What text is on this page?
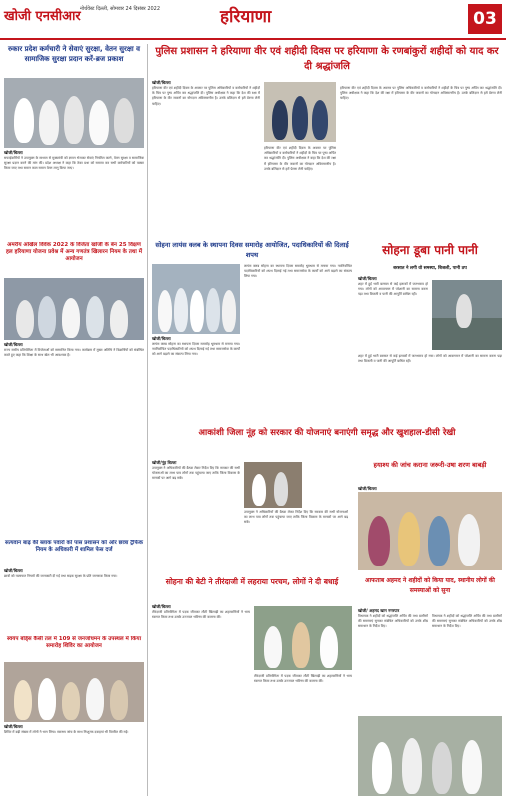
खोजी एनसीआर नोर्थवेस्ट दिल्ली, सोमवार 24 दिसंबर 2022	हरियाणा	03
रुकार प्रदेश कर्मचारी ने सेवाएं सुरक्षा, वेतन सुरक्षा व सामाजिक सुरक्षा प्रदान करें-ब्रज प्रकाश
खोजी/बिल्ला
सफाईकर्मियों ने उपायुक्त के माध्यम से मुख्यमंत्री को ज्ञापन भेजकर सेवाएं नियमित करने, वेतन सुरक्षा व सामाजिक सुरक्षा प्रदान करने की मांग की। प्रदेश अध्यक्ष ने कहा कि ठेका प्रथा को समाप्त कर सभी कर्मचारियों को पक्का किया जाए तथा समान काम समान वेतन लागू किया जाए।
अमरीय अखिल विवेक 2022 के विजेता खोजी के बेन 25 विक्षण हल हरियाणा योजना प्रवेश्न में अन्य गणतंत्र खिलारन नियम के तथा में आयोजन
खोजी/बिल्ला
राज्य स्तरीय प्रतियोगिता में विजेताओं को सम्मानित किया गया। कार्यक्रम में मुख्य अतिथि ने विद्यार्थियों को संबोधित करते हुए कहा कि शिक्षा के साथ खेल भी आवश्यक है।
सत्यवान बाढ़ की ब्लाक पवारों को पास प्रशासन को ओर छात्रा ट्रैफिक नियम के अधिकारी में शामिल फेस दर्ज
खोजी/बिल्ला
छात्रों को यातायात नियमों की जानकारी दी गई तथा सड़क सुरक्षा के प्रति जागरूक किया गया।
स्वयंप बोर्ड्स कैसी तल में 109 से जनजाँधमन के उपस्थल में किया समारोह शिविर का आयोजन
खोजी/बिल्ला
शिविर में बड़ी संख्या में लोगों ने भाग लिया। स्वास्थ्य जांच के साथ निःशुल्क दवाइयां भी वितरित की गईं।
पुलिस प्रशासन ने हरियाणा वीर एवं शहीदी दिवस पर हरियाणा के रणबांकुरों शहीदों को याद कर दी श्रद्धांजलि
खोजी/बिल्ला
हरियाणा वीर एवं शहीदी दिवस के अवसर पर पुलिस अधिकारियों व कर्मचारियों ने शहीदों के चित्र पर पुष्प अर्पित कर श्रद्धांजलि दी। पुलिस अधीक्षक ने कहा कि देश की रक्षा में हरियाणा के वीर जवानों का योगदान अविस्मरणीय है। उनके बलिदान से हमें प्रेरणा लेनी चाहिए।
हरियाणा वीर एवं शहीदी दिवस के अवसर पर पुलिस अधिकारियों व कर्मचारियों ने शहीदों के चित्र पर पुष्प अर्पित कर श्रद्धांजलि दी। पुलिस अधीक्षक ने कहा कि देश की रक्षा में हरियाणा के वीर जवानों का योगदान अविस्मरणीय है। उनके बलिदान से हमें प्रेरणा लेनी चाहिए।
हरियाणा वीर एवं शहीदी दिवस के अवसर पर पुलिस अधिकारियों व कर्मचारियों ने शहीदों के चित्र पर पुष्प अर्पित कर श्रद्धांजलि दी। पुलिस अधीक्षक ने कहा कि देश की रक्षा में हरियाणा के वीर जवानों का योगदान अविस्मरणीय है। उनके बलिदान से हमें प्रेरणा लेनी चाहिए।
सोहना लायंस क्लब के स्थापना दिवस समारोह आयोजित, पदाधिकारियों की दिलाई शपथ
खोजी/बिल्ला
लायंस क्लब सोहना का स्थापना दिवस समारोह धूमधाम से मनाया गया। नवनिर्वाचित पदाधिकारियों को शपथ दिलाई गई तथा समाजसेवा के कार्यों को आगे बढ़ाने का संकल्प लिया गया।
लायंस क्लब सोहना का स्थापना दिवस समारोह धूमधाम से मनाया गया। नवनिर्वाचित पदाधिकारियों को शपथ दिलाई गई तथा समाजसेवा के कार्यों को आगे बढ़ाने का संकल्प लिया गया।
सोहना डूबा पानी पानी
बरसात ने लगी वो समस्या, बिजली, पानी ठप
खोजी/बिल्ला
शहर में हुई भारी बरसात से कई इलाकों में जलभराव हो गया। लोगों को आवागमन में परेशानी का सामना करना पड़ा तथा बिजली व पानी की आपूर्ति बाधित रही।
शहर में हुई भारी बरसात से कई इलाकों में जलभराव हो गया। लोगों को आवागमन में परेशानी का सामना करना पड़ा तथा बिजली व पानी की आपूर्ति बाधित रही।
आकांशी जिला नूंह को सरकार की योजनाएं बनाएंगी समृद्ध और खुशहाल-डीसी रेखी
खोजी/नूंह बिल्ला
उपायुक्त ने अधिकारियों की बैठक लेकर निर्देश दिए कि सरकार की सभी योजनाओं का लाभ पात्र लोगों तक पहुंचाया जाए ताकि जिला विकास के मानकों पर आगे बढ़ सके।
उपायुक्त ने अधिकारियों की बैठक लेकर निर्देश दिए कि सरकार की सभी योजनाओं का लाभ पात्र लोगों तक पहुंचाया जाए ताकि जिला विकास के मानकों पर आगे बढ़ सके।
हयाश्य की जांच कराना जरूरी-उषा शरण बाबड़ी
खोजी/बिल्ला
सोहना की बेटी ने तीरंदाजी में लहराया परचम, लोगों ने दी बधाई
खोजी/बिल्ला
तीरंदाजी प्रतियोगिता में पदक जीतकर लौटी खिलाड़ी का शहरवासियों ने भव्य स्वागत किया तथा उसके उज्ज्वल भविष्य की कामना की।
तीरंदाजी प्रतियोगिता में पदक जीतकर लौटी खिलाड़ी का शहरवासियों ने भव्य स्वागत किया तथा उसके उज्ज्वल भविष्य की कामना की।
आफताब अहमद ने शहीदों को किया याद, स्थानीय लोगों की समस्याओं को सुना
खोजी/ अहमद खान नगरपार
विधायक ने शहीदों को श्रद्धांजलि अर्पित की तथा ग्रामीणों की समस्याएं सुनकर संबंधित अधिकारियों को उनके शीघ्र समाधान के निर्देश दिए।
विधायक ने शहीदों को श्रद्धांजलि अर्पित की तथा ग्रामीणों की समस्याएं सुनकर संबंधित अधिकारियों को उनके शीघ्र समाधान के निर्देश दिए।
